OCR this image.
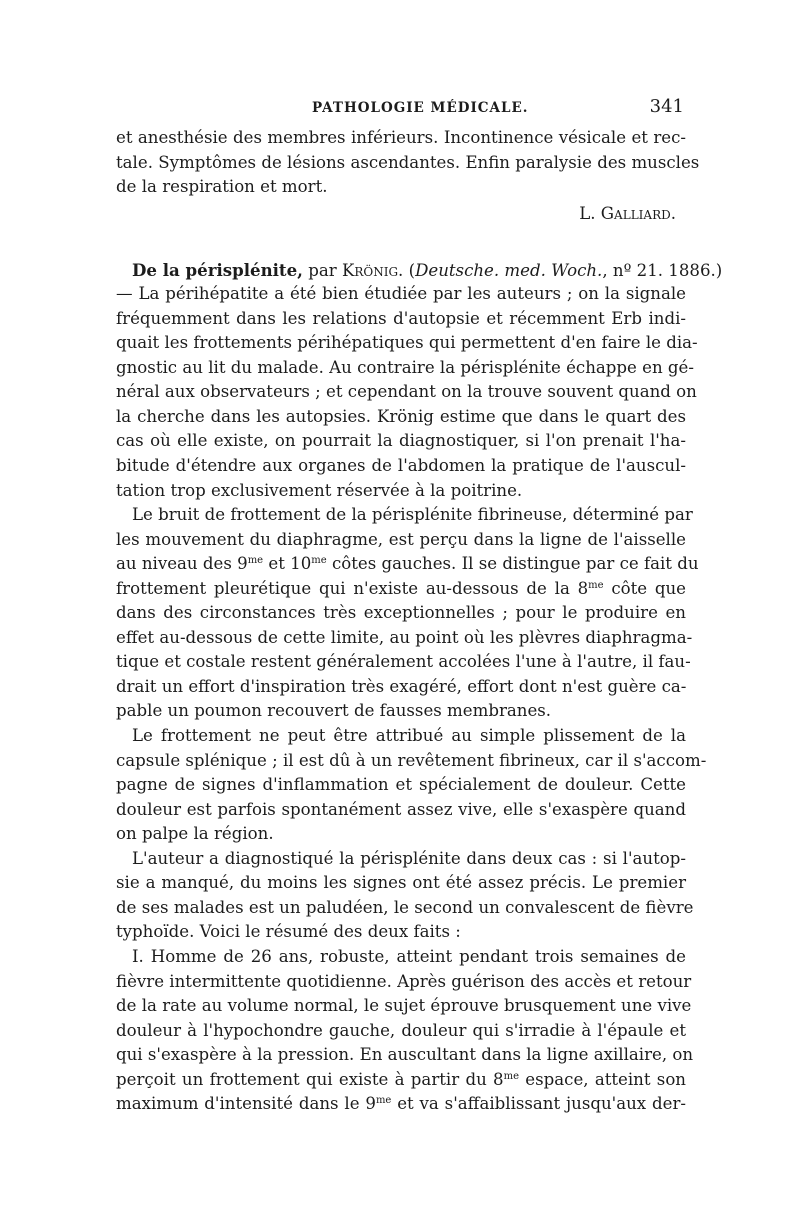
PATHOLOGIE MÉDICALE.	341
et anesthésie des membres inférieurs. Incontinence vésicale et rec-
tale. Symptômes de lésions ascendantes. Enfin paralysie des muscles
de la respiration et mort.
L. Galliard.
De la périsplénite, par Krönig. (Deutsche. med. Woch., nº 21. 1886.)
— La périhépatite a été bien étudiée par les auteurs ; on la signale
fréquemment dans les relations d'autopsie et récemment Erb indi-
quait les frottements périhépatiques qui permettent d'en faire le dia-
gnostic au lit du malade. Au contraire la périsplénite échappe en gé-
néral aux observateurs ; et cependant on la trouve souvent quand on
la cherche dans les autopsies. Krönig estime que dans le quart des
cas où elle existe, on pourrait la diagnostiquer, si l'on prenait l'ha-
bitude d'étendre aux organes de l'abdomen la pratique de l'auscul-
tation trop exclusivement réservée à la poitrine.
Le bruit de frottement de la périsplénite fibrineuse, déterminé par
les mouvement du diaphragme, est perçu dans la ligne de l'aisselle
au niveau des $9^{me}$ et $10^{me}$ côtes gauches. Il se distingue par ce fait du
frottement pleurétique qui n'existe au-dessous de la $8^{me}$ côte que
dans des circonstances très exceptionnelles ; pour le produire en
effet au-dessous de cette limite, au point où les plèvres diaphragma-
tique et costale restent généralement accolées l'une à l'autre, il fau-
drait un effort d'inspiration très exagéré, effort dont n'est guère ca-
pable un poumon recouvert de fausses membranes.
Le frottement ne peut être attribué au simple plissement de la
capsule splénique ; il est dû à un revêtement fibrineux, car il s'accom-
pagne de signes d'inflammation et spécialement de douleur. Cette
douleur est parfois spontanément assez vive, elle s'exaspère quand
on palpe la région.
L'auteur a diagnostiqué la périsplénite dans deux cas : si l'autop-
sie a manqué, du moins les signes ont été assez précis. Le premier
de ses malades est un paludéen, le second un convalescent de fièvre
typhoïde. Voici le résumé des deux faits :
I. Homme de 26 ans, robuste, atteint pendant trois semaines de
fièvre intermittente quotidienne. Après guérison des accès et retour
de la rate au volume normal, le sujet éprouve brusquement une vive
douleur à l'hypochondre gauche, douleur qui s'irradie à l'épaule et
qui s'exaspère à la pression. En auscultant dans la ligne axillaire, on
perçoit un frottement qui existe à partir du $8^{me}$ espace, atteint son
maximum d'intensité dans le $9^{me}$ et va s'affaiblissant jusqu'aux der-
